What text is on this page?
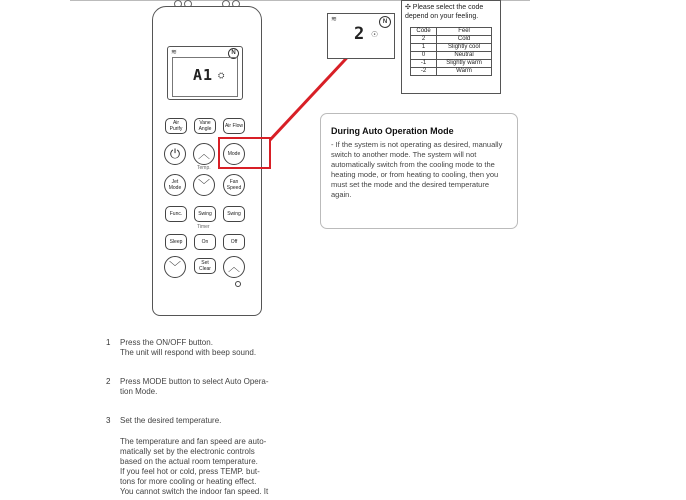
≋	N
A1 ⛭
Air Purify
Vane Angle	Air Flow
⏻ ︿	Mode
Temp.
Jet Mode	﹀	Fan Speed
Func.	Swing	Swing
Timer
Sleep	On	Off
﹀	Set Clear	︿
≋	N
2 ☉
✣ Please select the code depend on your feeling.
Code	Feel
2	Cold
1	Slightly cool
0	Neutral
-1	Slightly warm
-2	Warm
During Auto Operation Mode
- If the system is not operating as desired, manually switch to another mode. The system will not automatically switch from the cooling mode to the heating mode, or from heating to cooling, then you must set the mode and the desired temperature again.
1 Press the ON/OFF button.
The unit will respond with beep sound.
2 Press MODE button to select Auto Opera-
tion Mode.
3 Set the desired temperature.
The temperature and fan speed are auto-
matically set by the electronic controls
based on the actual room temperature.
If you feel hot or cold, press TEMP. but-
tons for more cooling or heating effect.
You cannot switch the indoor fan speed. It
